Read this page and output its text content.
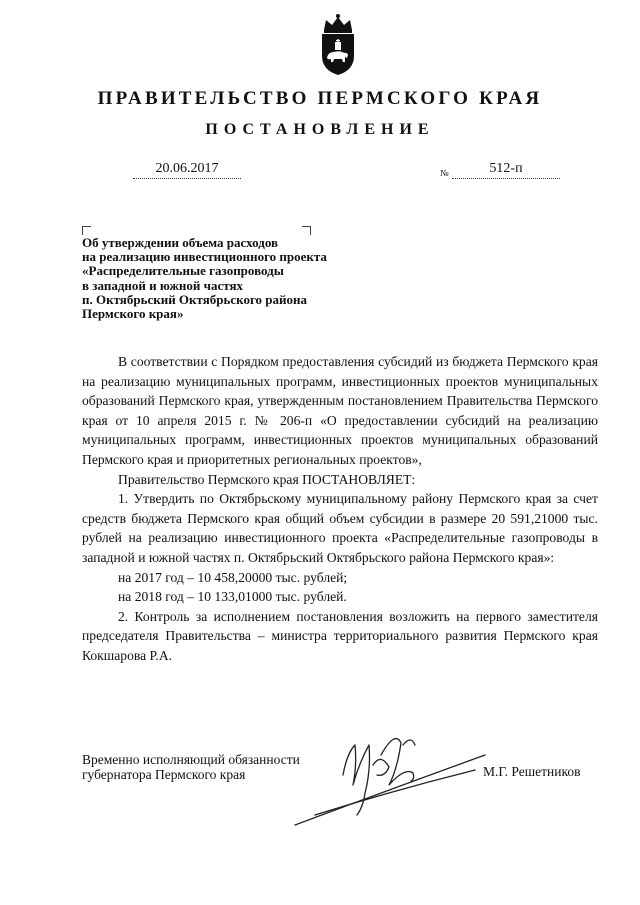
ПРАВИТЕЛЬСТВО ПЕРМСКОГО КРАЯ
ПОСТАНОВЛЕНИЕ
20.06.2017	№	512-п
Об утверждении объема расходов
на реализацию инвестиционного проекта
«Распределительные газопроводы
в западной и южной частях
п. Октябрьский Октябрьского района
Пермского края»

В соответствии с Порядком предоставления субсидий из бюджета Пермского края на реализацию муниципальных программ, инвестиционных проектов муниципальных образований Пермского края, утвержденным постановлением Правительства Пермского края от 10 апреля 2015 г. № 206-п «О предоставлении субсидий на реализацию муниципальных программ, инвестиционных проектов муниципальных образований Пермского края и приоритетных региональных проектов»,

Правительство Пермского края ПОСТАНОВЛЯЕТ:

1. Утвердить по Октябрьскому муниципальному району Пермского края за счет средств бюджета Пермского края общий объем субсидии в размере 20 591,21000 тыс. рублей на реализацию инвестиционного проекта «Распределительные газопроводы в западной и южной частях п. Октябрьский Октябрьского района Пермского края»:

на 2017 год – 10 458,20000 тыс. рублей;

на 2018 год – 10 133,01000 тыс. рублей.

2. Контроль за исполнением постановления возложить на первого заместителя председателя Правительства – министра территориального развития Пермского края Кокшарова Р.А.

Временно исполняющий обязанности
губернатора Пермского края	М.Г. Решетников
